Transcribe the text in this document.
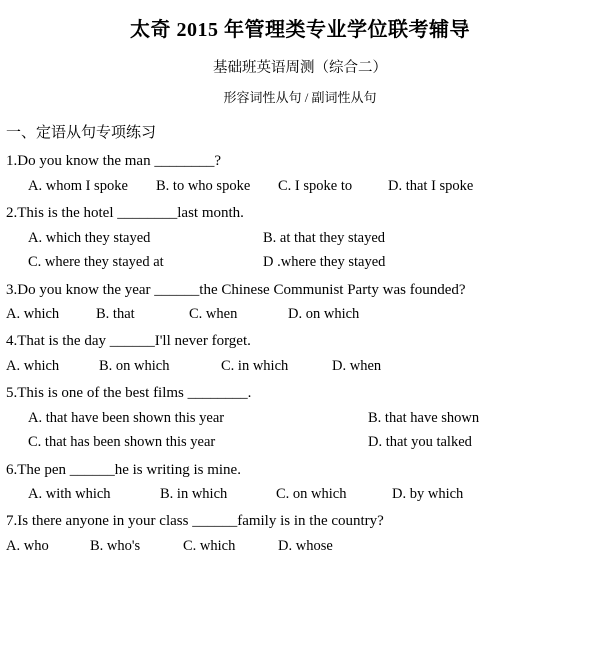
太奇 2015 年管理类专业学位联考辅导
基础班英语周测（综合二）
形容词性从句 / 副词性从句
一、定语从句专项练习
1.Do you know the man ________?
A. whom I spoke B. to who spoke C. I spoke to D. that I spoke
2.This is the hotel ________last month.
A. which they stayed	B. at that they stayed
C. where they stayed at	D .where they stayed
3.Do you know the year ______the Chinese Communist Party was founded?
A. which	B. that	C. when	D. on which
4.That is the day ______I'll never forget.
A. which	B. on which	C. in which	D. when
5.This is one of the best films ________.
A. that have been shown this year	B. that have shown
C. that has been shown this year	D. that you talked
6.The pen ______he is writing is mine.
A. with which	B. in which	C. on which	D. by which
7.Is there anyone in your class ______family is in the country?
A. who	B. who's	C. which	D. whose
